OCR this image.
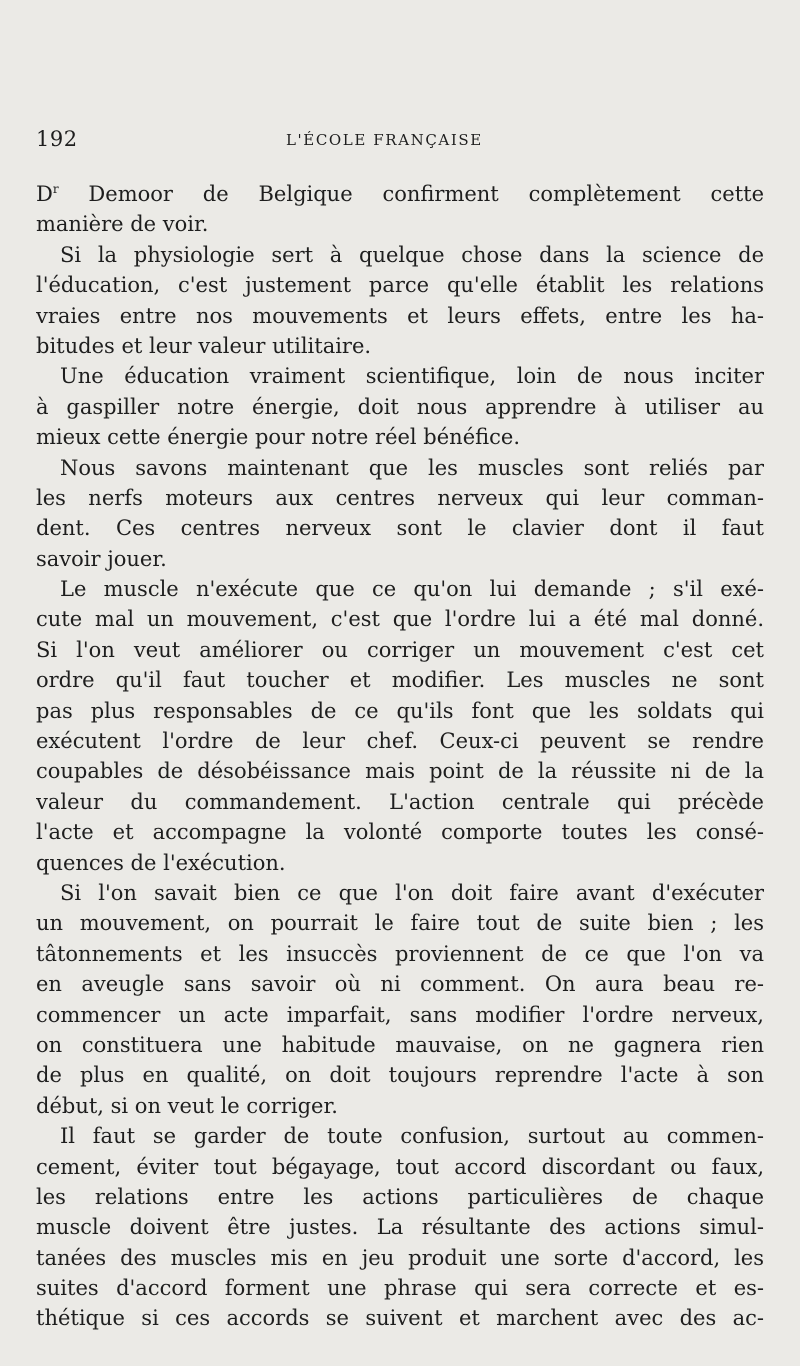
192	L'ÉCOLE FRANÇAISE
$D^r$ Demoor de Belgique confirment complètement cette
manière de voir.
Si la physiologie sert à quelque chose dans la science de
l'éducation, c'est justement parce qu'elle établit les relations
vraies entre nos mouvements et leurs effets, entre les ha-
bitudes et leur valeur utilitaire.
Une éducation vraiment scientifique, loin de nous inciter
à gaspiller notre énergie, doit nous apprendre à utiliser au
mieux cette énergie pour notre réel bénéfice.
Nous savons maintenant que les muscles sont reliés par
les nerfs moteurs aux centres nerveux qui leur comman-
dent. Ces centres nerveux sont le clavier dont il faut
savoir jouer.
Le muscle n'exécute que ce qu'on lui demande ; s'il exé-
cute mal un mouvement, c'est que l'ordre lui a été mal donné.
Si l'on veut améliorer ou corriger un mouvement c'est cet
ordre qu'il faut toucher et modifier. Les muscles ne sont
pas plus responsables de ce qu'ils font que les soldats qui
exécutent l'ordre de leur chef. Ceux-ci peuvent se rendre
coupables de désobéissance mais point de la réussite ni de la
valeur du commandement. L'action centrale qui précède
l'acte et accompagne la volonté comporte toutes les consé-
quences de l'exécution.
Si l'on savait bien ce que l'on doit faire avant d'exécuter
un mouvement, on pourrait le faire tout de suite bien ; les
tâtonnements et les insuccès proviennent de ce que l'on va
en aveugle sans savoir où ni comment. On aura beau re-
commencer un acte imparfait, sans modifier l'ordre nerveux,
on constituera une habitude mauvaise, on ne gagnera rien
de plus en qualité, on doit toujours reprendre l'acte à son
début, si on veut le corriger.
Il faut se garder de toute confusion, surtout au commen-
cement, éviter tout bégayage, tout accord discordant ou faux,
les relations entre les actions particulières de chaque
muscle doivent être justes. La résultante des actions simul-
tanées des muscles mis en jeu produit une sorte d'accord, les
suites d'accord forment une phrase qui sera correcte et es-
thétique si ces accords se suivent et marchent avec des ac-
